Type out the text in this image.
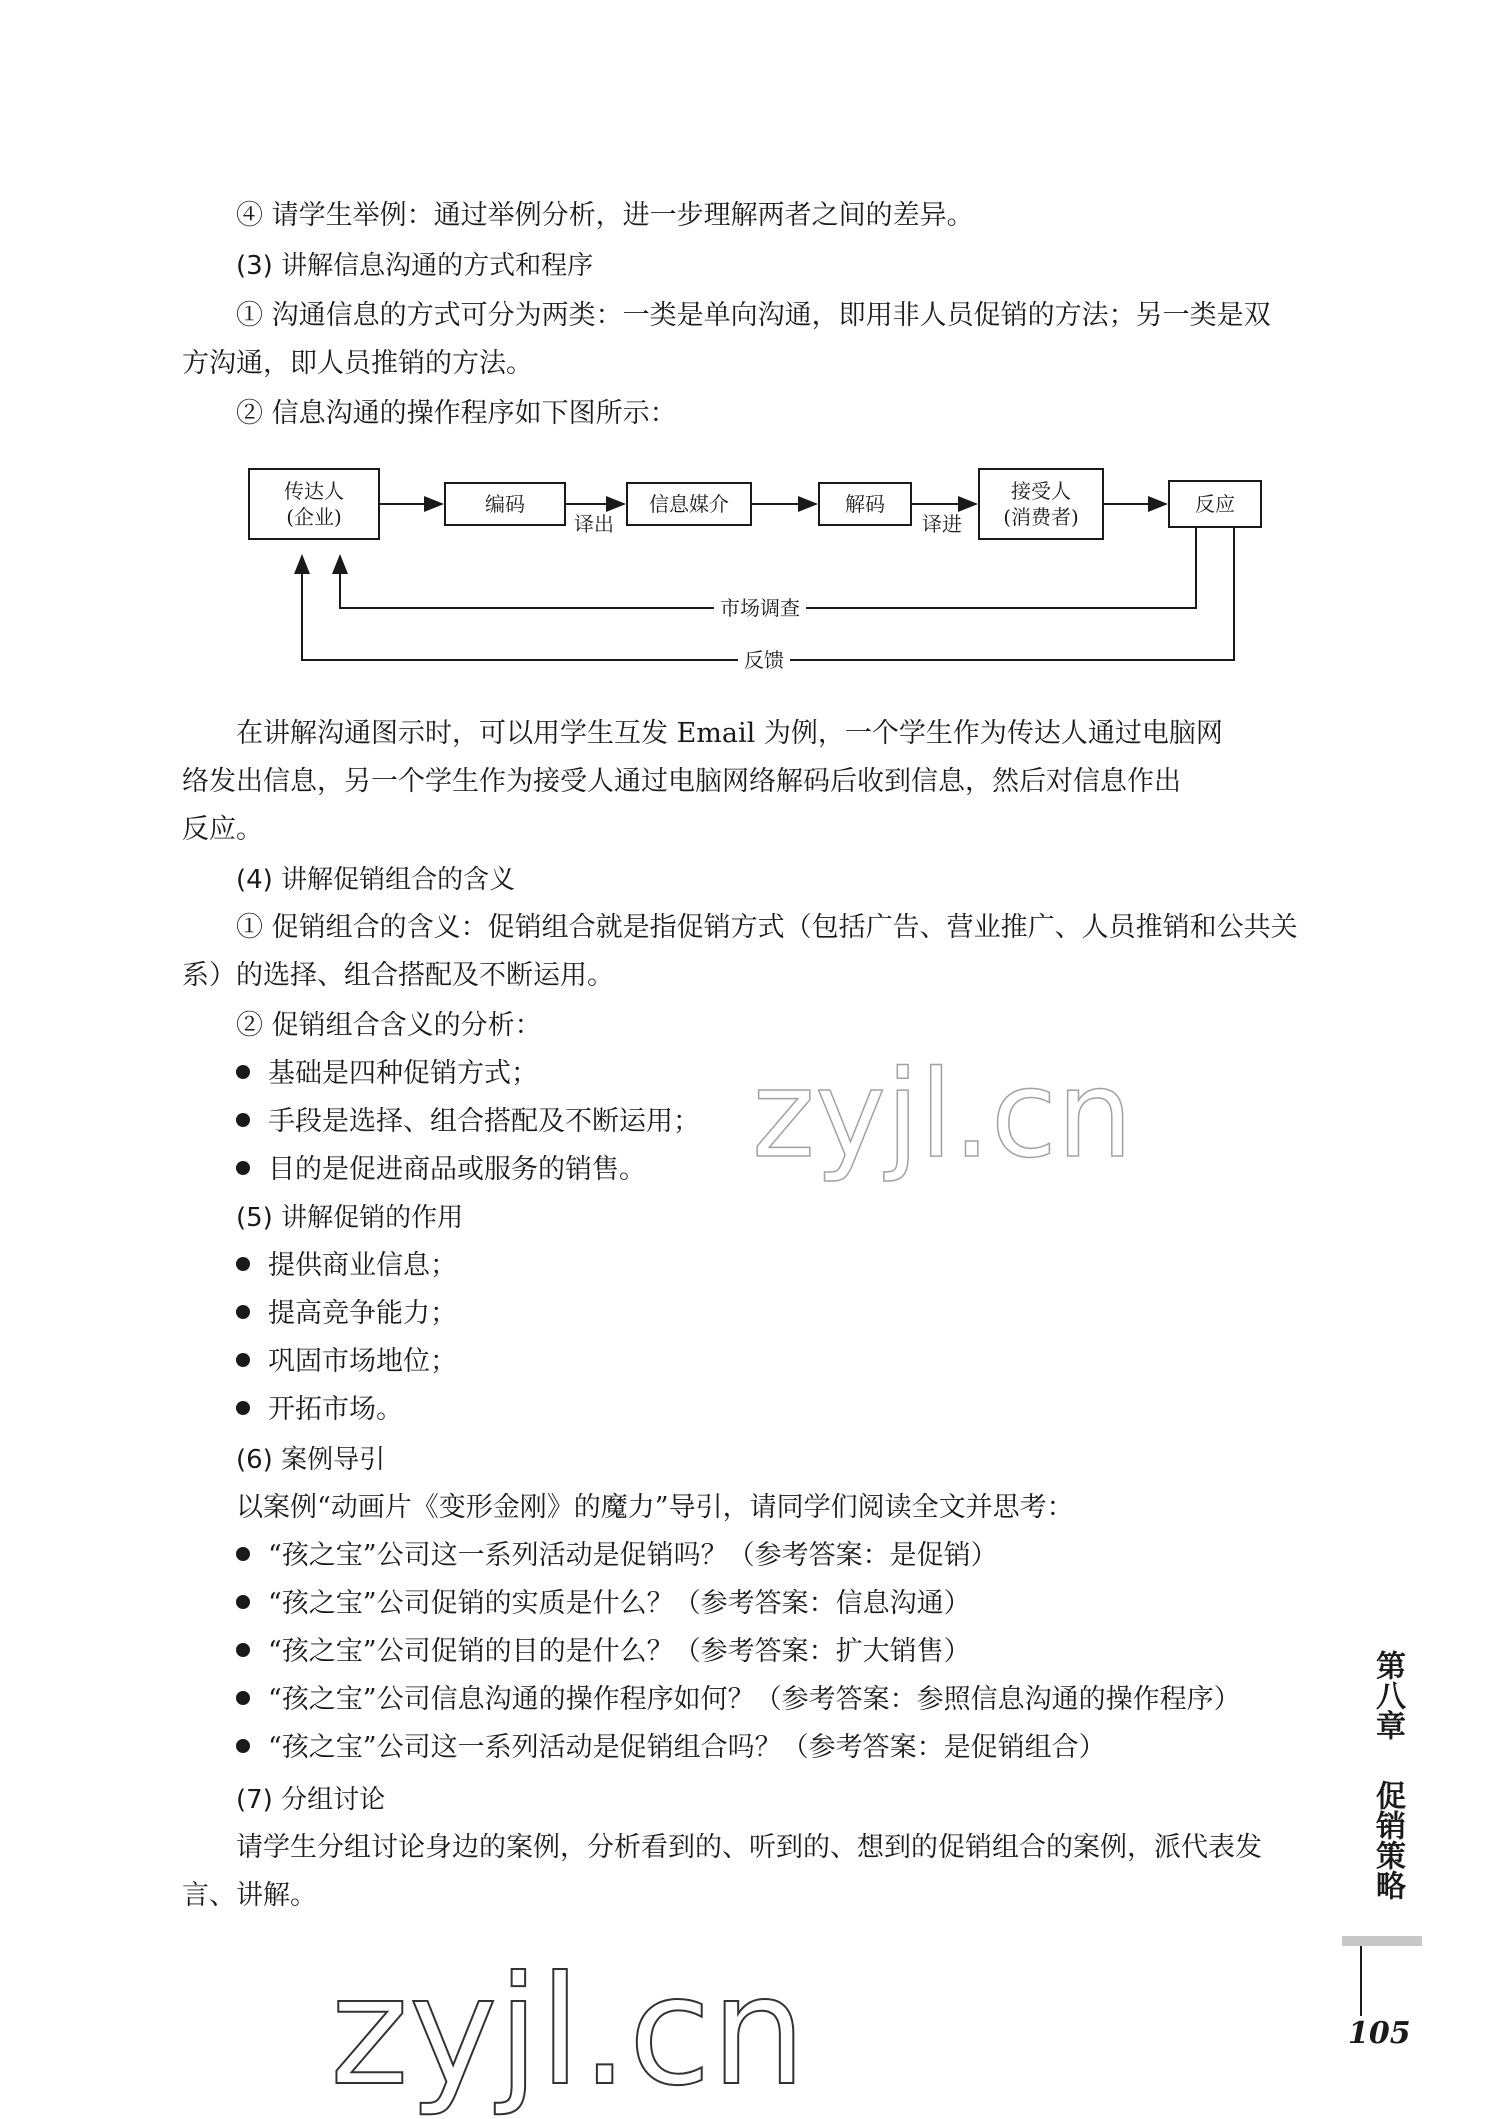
④ 请学生举例：通过举例分析，进一步理解两者之间的差异。
(3) 讲解信息沟通的方式和程序
① 沟通信息的方式可分为两类：一类是单向沟通，即用非人员促销的方法；另一类是双
方沟通，即人员推销的方法。
② 信息沟通的操作程序如下图所示：
传达人
(企业)
编码	信息媒介	解码
接受人
(消费者)
反应
译出	译进
市场调查
反馈
在讲解沟通图示时，可以用学生互发 Email 为例，一个学生作为传达人通过电脑网
络发出信息，另一个学生作为接受人通过电脑网络解码后收到信息，然后对信息作出
反应。
(4) 讲解促销组合的含义
① 促销组合的含义：促销组合就是指促销方式（包括广告、营业推广、人员推销和公共关
系）的选择、组合搭配及不断运用。
② 促销组合含义的分析：
基础是四种促销方式；
手段是选择、组合搭配及不断运用；
目的是促进商品或服务的销售。
(5) 讲解促销的作用
提供商业信息；
提高竞争能力；
巩固市场地位；
开拓市场。
(6) 案例导引
以案例“动画片《变形金刚》的魔力”导引，请同学们阅读全文并思考：
“孩之宝”公司这一系列活动是促销吗？（参考答案：是促销）
“孩之宝”公司促销的实质是什么？（参考答案：信息沟通）
“孩之宝”公司促销的目的是什么？（参考答案：扩大销售）
“孩之宝”公司信息沟通的操作程序如何？（参考答案：参照信息沟通的操作程序）
“孩之宝”公司这一系列活动是促销组合吗？（参考答案：是促销组合）
(7) 分组讨论
请学生分组讨论身边的案例，分析看到的、听到的、想到的促销组合的案例，派代表发
言、讲解。
第八章
促销策略
105
zyjl.cn
zyjl.cn
